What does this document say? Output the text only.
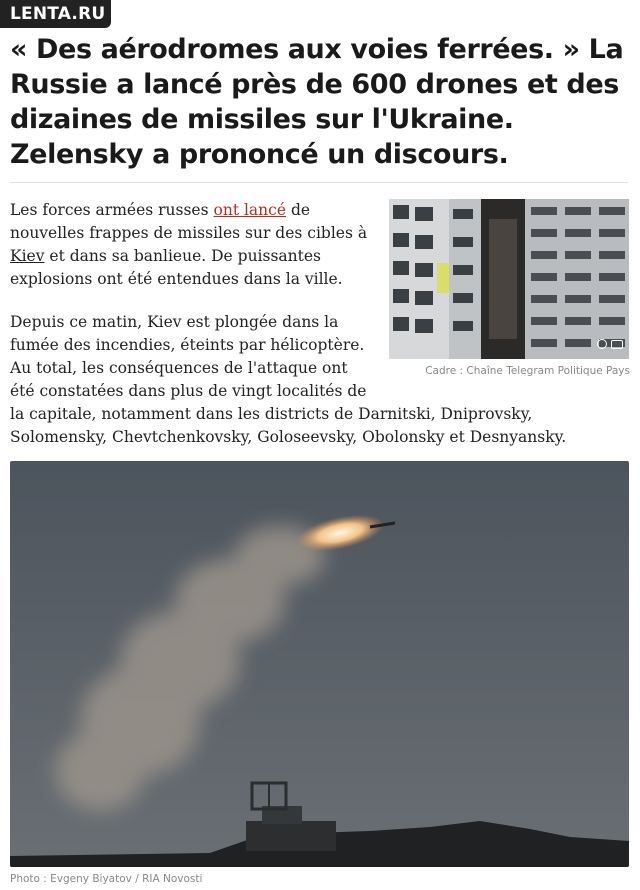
LENTA.RU
« Des aérodromes aux voies ferrées. » La Russie a lancé près de 600 drones et des dizaines de missiles sur l'Ukraine. Zelensky a prononcé un discours.
Cadre : Chaîne Telegram Politique Pays

Les forces armées russes ont lancé de nouvelles frappes de missiles sur des cibles à Kiev et dans sa banlieue. De puissantes explosions ont été entendues dans la ville.

Depuis ce matin, Kiev est plongée dans la fumée des incendies, éteints par hélicoptère. Au total, les conséquences de l'attaque ont été constatées dans plus de vingt localités de la capitale, notamment dans les districts de Darnitski, Dniprovsky, Solomensky, Chevtchenkovsky, Goloseevsky, Obolonsky et Desnyansky.

Photo : Evgeny Biyatov / RIA Novosti
